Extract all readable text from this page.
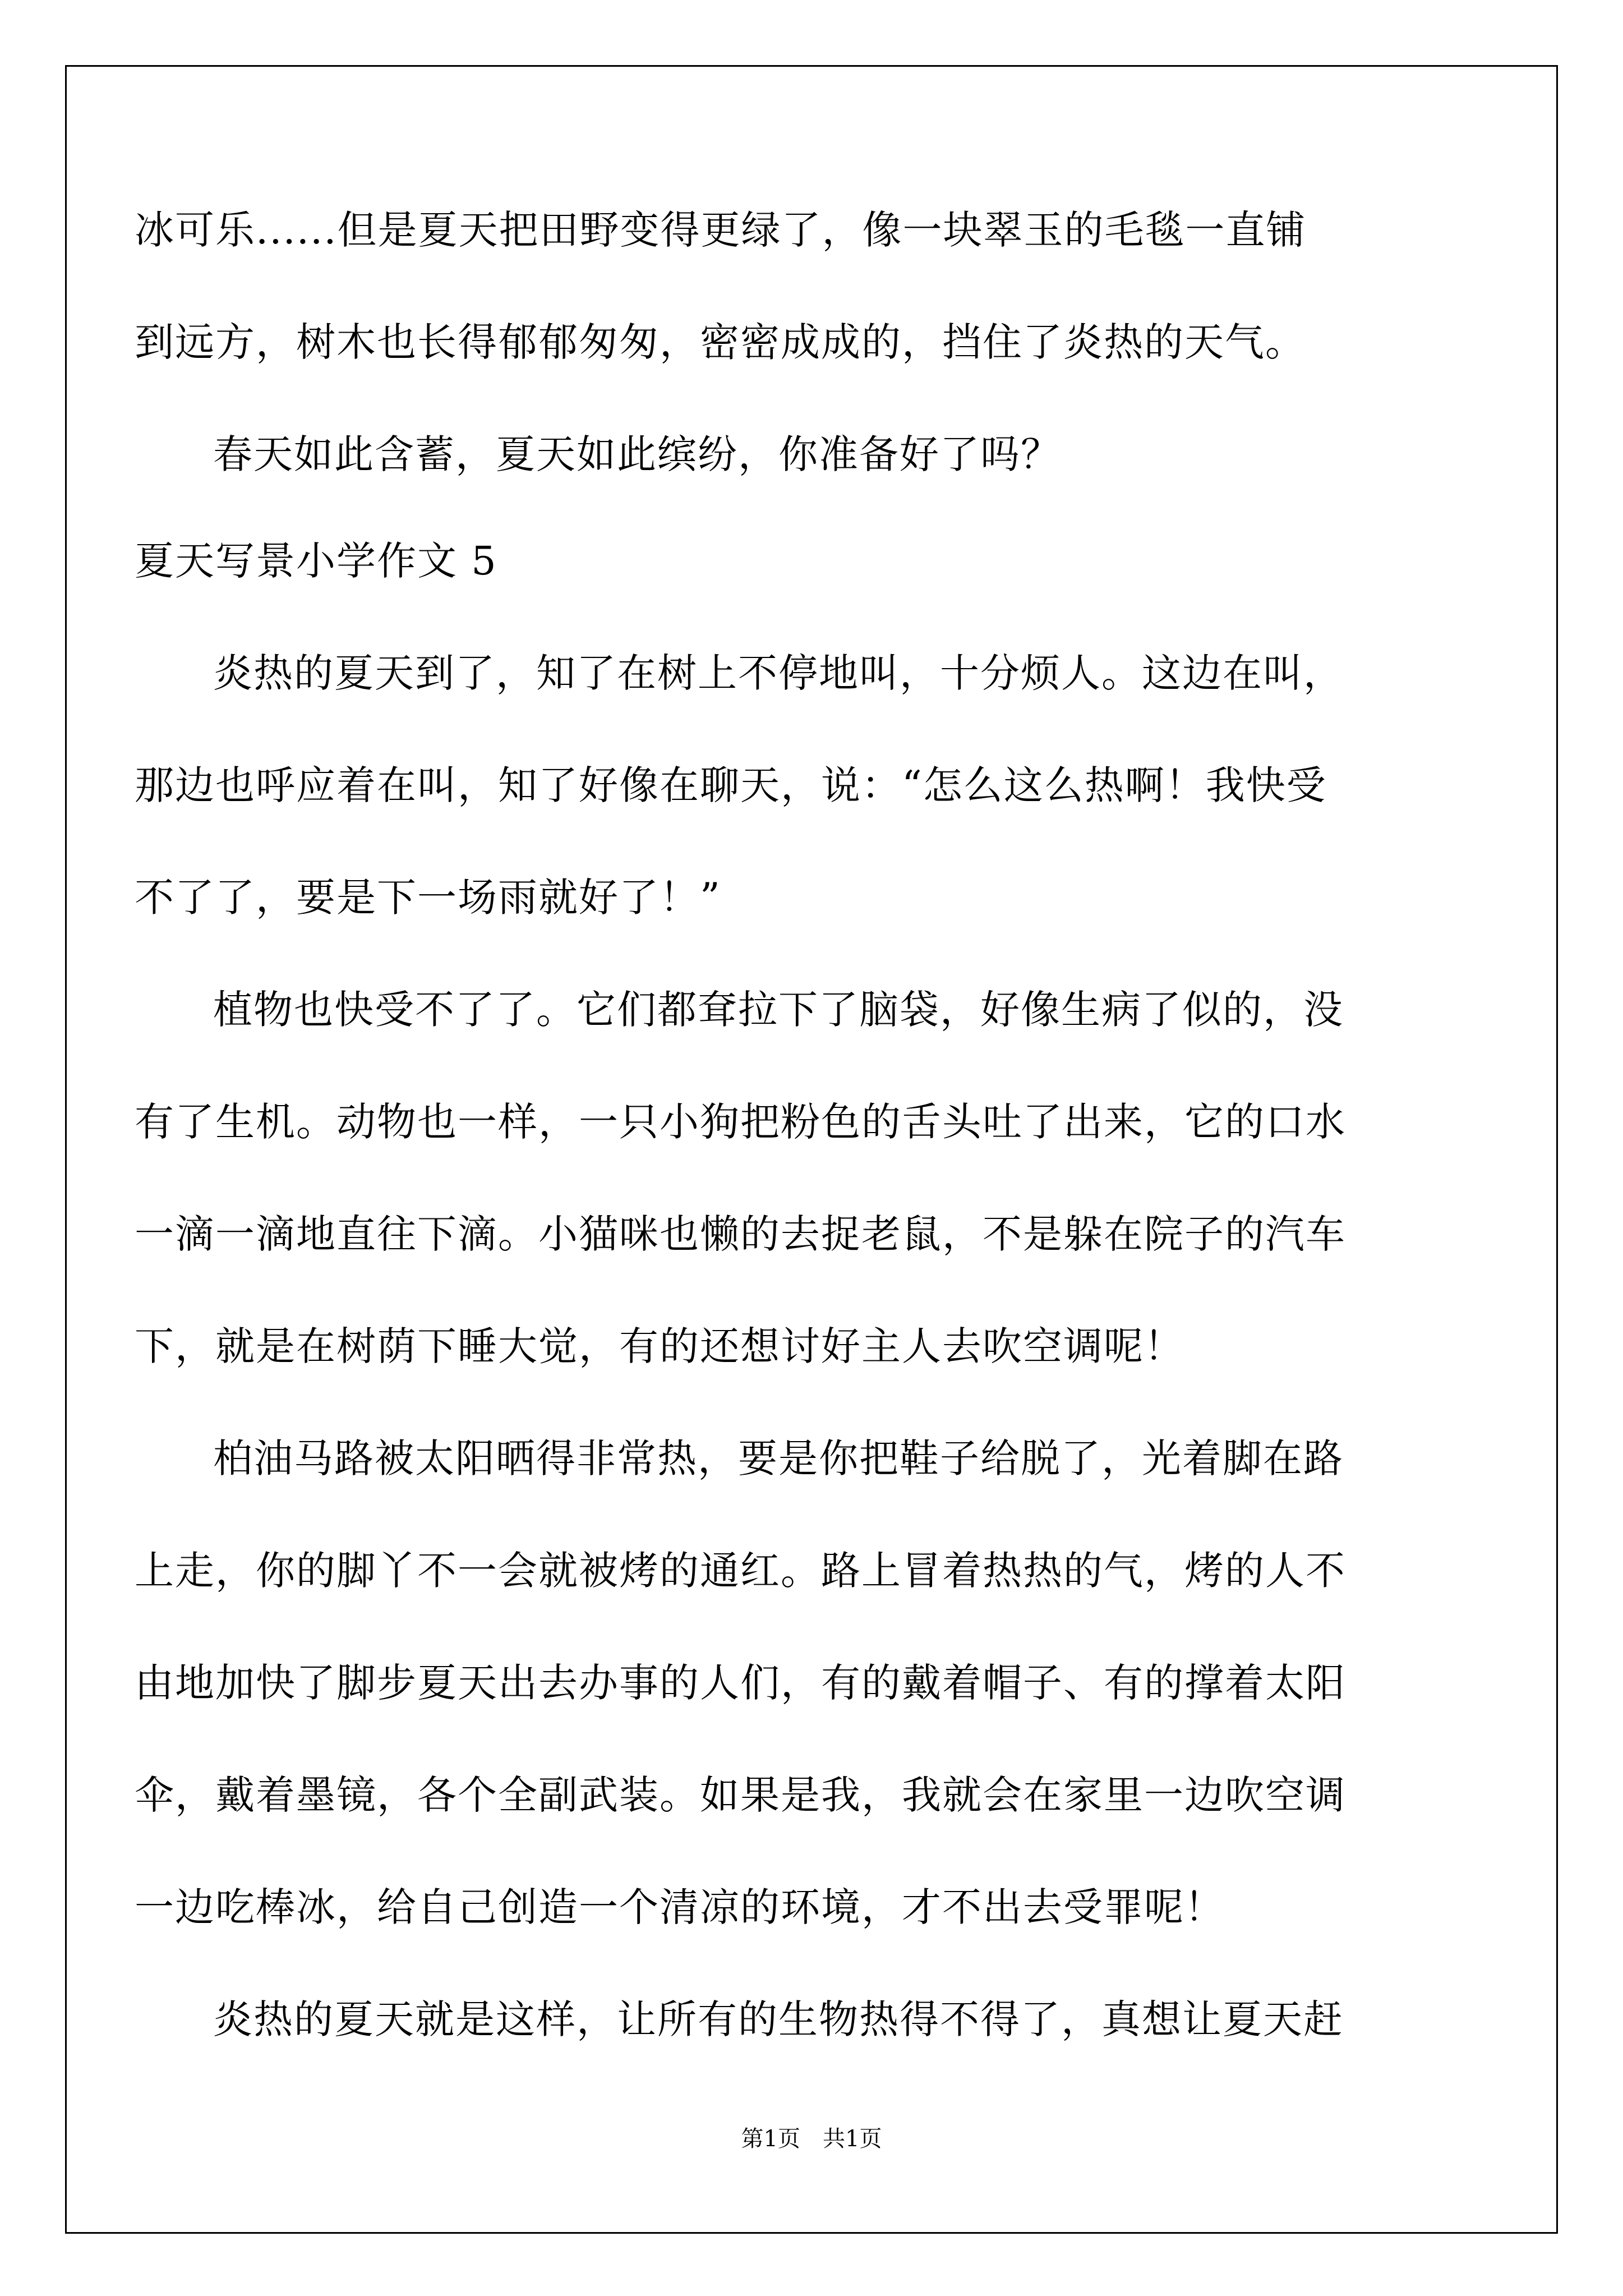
冰可乐......但是夏天把田野变得更绿了，像一块翠玉的毛毯一直铺
到远方，树木也长得郁郁匆匆，密密成成的，挡住了炎热的天气。
春天如此含蓄，夏天如此缤纷，你准备好了吗？
夏天写景小学作文 5
炎热的夏天到了，知了在树上不停地叫，十分烦人。这边在叫，
那边也呼应着在叫，知了好像在聊天，说：“怎么这么热啊！我快受
不了了，要是下一场雨就好了！”
植物也快受不了了。它们都耷拉下了脑袋，好像生病了似的，没
有了生机。动物也一样，一只小狗把粉色的舌头吐了出来，它的口水
一滴一滴地直往下滴。小猫咪也懒的去捉老鼠，不是躲在院子的汽车
下，就是在树荫下睡大觉，有的还想讨好主人去吹空调呢！
柏油马路被太阳晒得非常热，要是你把鞋子给脱了，光着脚在路
上走，你的脚丫不一会就被烤的通红。路上冒着热热的气，烤的人不
由地加快了脚步夏天出去办事的人们，有的戴着帽子、有的撑着太阳
伞，戴着墨镜，各个全副武装。如果是我，我就会在家里一边吹空调
一边吃棒冰，给自己创造一个清凉的环境，才不出去受罪呢！
炎热的夏天就是这样，让所有的生物热得不得了，真想让夏天赶
第1页　共1页
